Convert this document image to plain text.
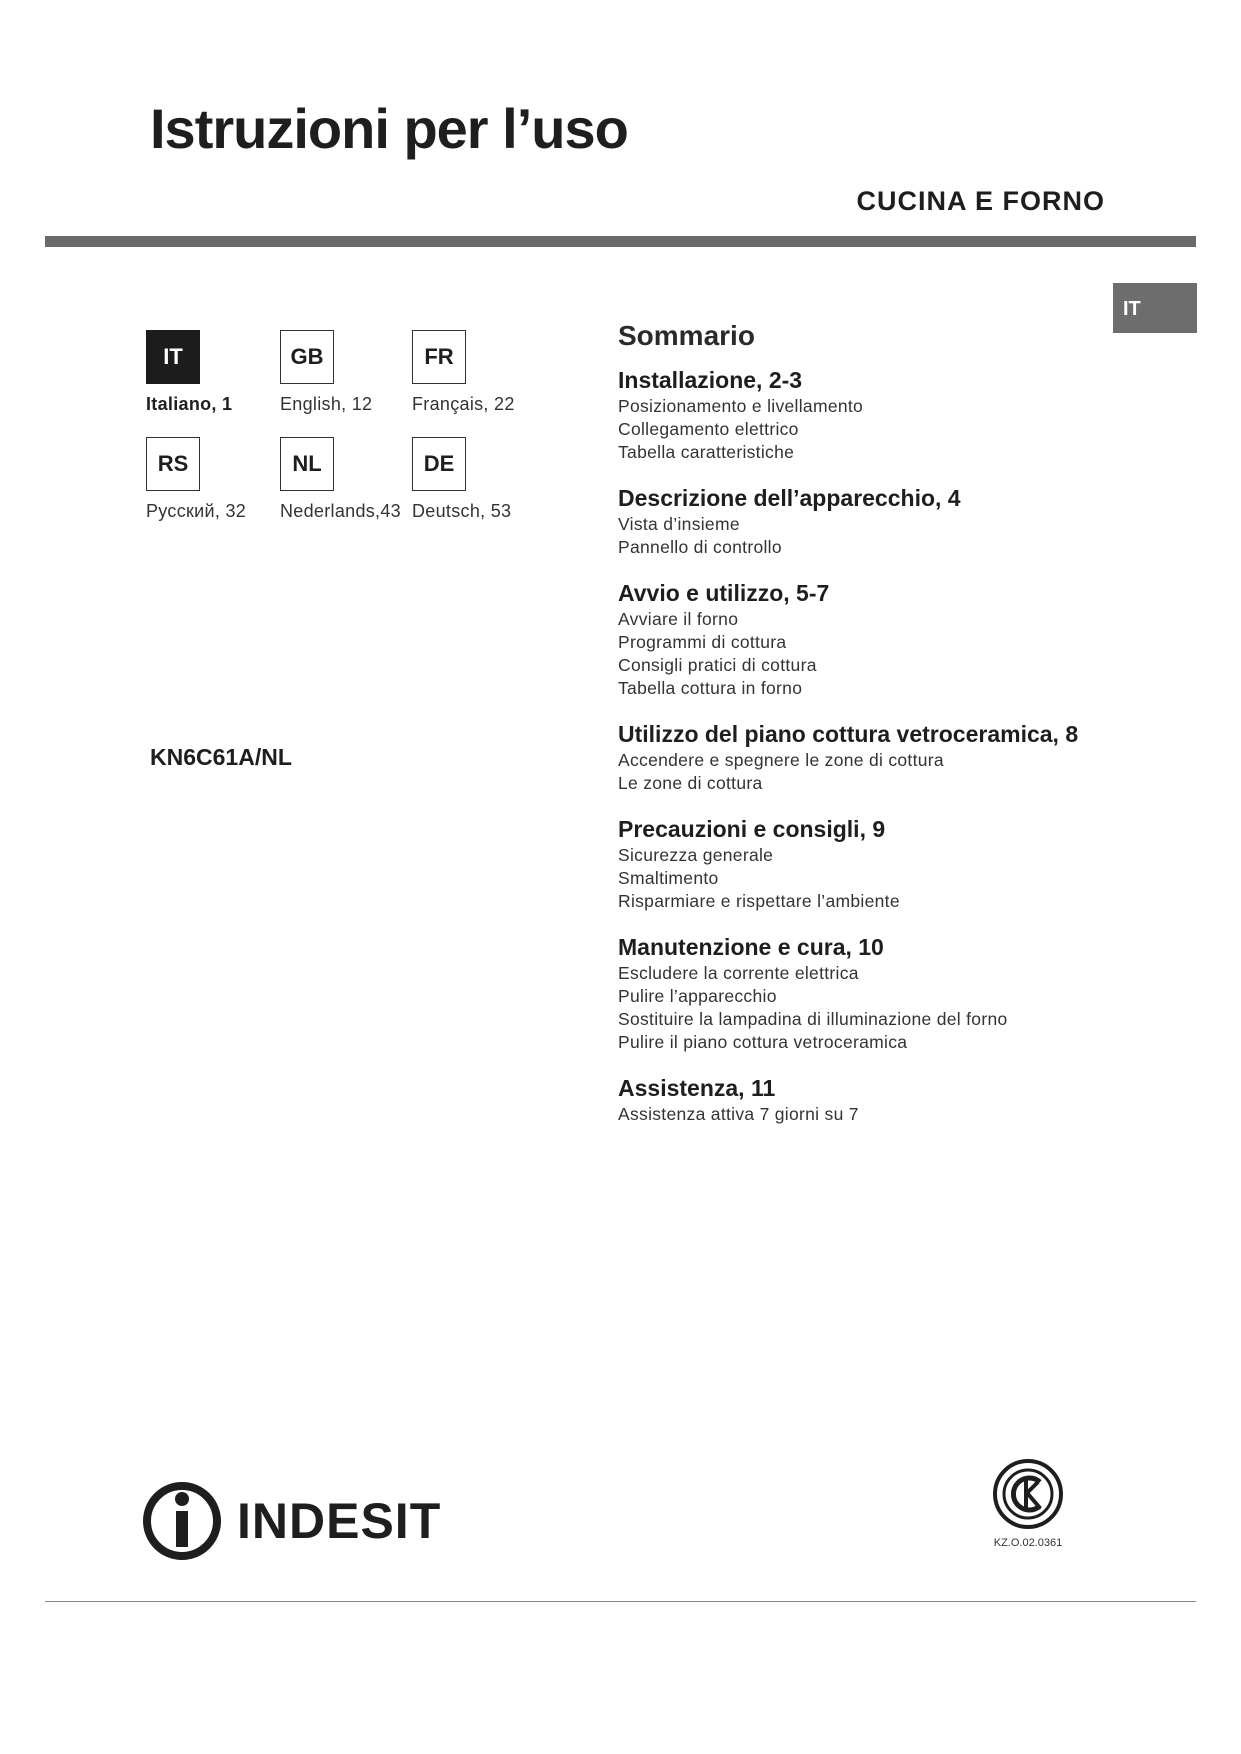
Istruzioni per l’uso
CUCINA E FORNO
IT
IT
Italiano, 1
GB
English, 12
FR
Français, 22
RS
Русский, 32
NL
Nederlands,43
DE
Deutsch, 53
KN6C61A/NL
Sommario
Installazione, 2-3
Posizionamento e livellamento
Collegamento elettrico
Tabella caratteristiche
Descrizione dell’apparecchio, 4
Vista d’insieme
Pannello di controllo
Avvio e utilizzo, 5-7
Avviare il forno
Programmi di cottura
Consigli pratici di cottura
Tabella cottura in forno
Utilizzo del piano cottura vetroceramica, 8
Accendere e spegnere le zone di cottura
Le zone di cottura
Precauzioni e consigli, 9
Sicurezza generale
Smaltimento
Risparmiare e rispettare l’ambiente
Manutenzione e cura, 10
Escludere la corrente elettrica
Pulire l’apparecchio
Sostituire la lampadina di illuminazione del forno
Pulire il piano cottura vetroceramica
Assistenza, 11
Assistenza attiva 7 giorni su 7
INDESIT	KZ.O.02.0361
